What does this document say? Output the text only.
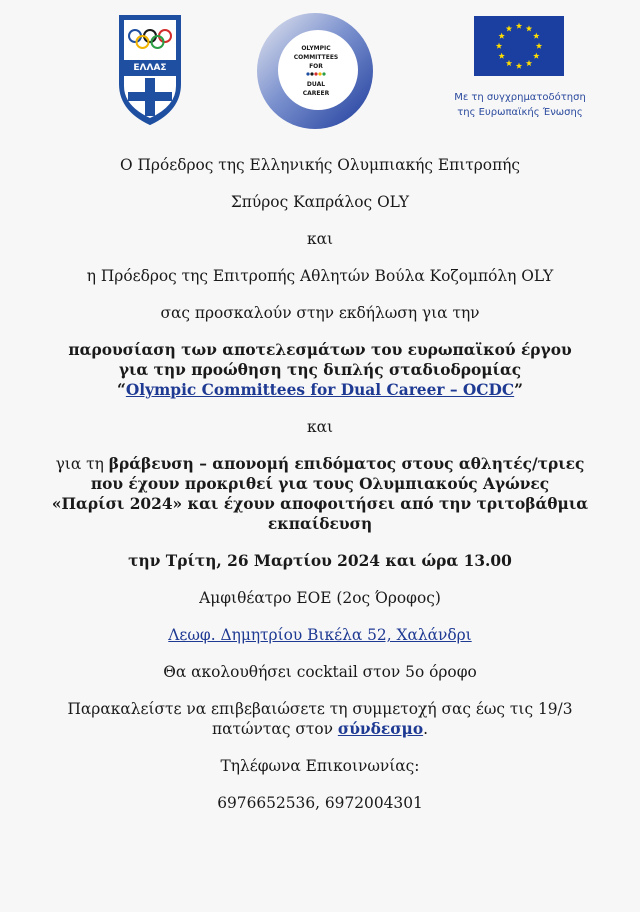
ΕΛΛΑΣ
OLYMPIC
COMMITTEES
FOR
DUAL
CAREER	Με τη συγχρηματοδότηση
της Ευρωπαϊκής Ένωσης

Ο Πρόεδρος της Ελληνικής Ολυμπιακής Επιτροπής

Σπύρος Καπράλος OLY

και

η Πρόεδρος της Επιτροπής Αθλητών Βούλα Κοζομπόλη OLY

σας προσκαλούν στην εκδήλωση για την

παρουσίαση των αποτελεσμάτων του ευρωπαϊκού έργου

για την προώθηση της διπλής σταδιοδρομίας

“Olympic Committees for Dual Career – OCDC”

και

για τη βράβευση – απονομή επιδόματος στους αθλητές/τριες

που έχουν προκριθεί για τους Ολυμπιακούς Αγώνες

«Παρίσι 2024» και έχουν αποφοιτήσει από την τριτοβάθμια

εκπαίδευση

την Τρίτη, 26 Μαρτίου 2024 και ώρα 13.00

Αμφιθέατρο ΕΟΕ (2ος Όροφος)

Λεωφ. Δημητρίου Βικέλα 52, Χαλάνδρι

Θα ακολουθήσει cocktail στον 5ο όροφο

Παρακαλείστε να επιβεβαιώσετε τη συμμετοχή σας έως τις 19/3

πατώντας στον σύνδεσμο.

Τηλέφωνα Επικοινωνίας:

6976652536, 6972004301
